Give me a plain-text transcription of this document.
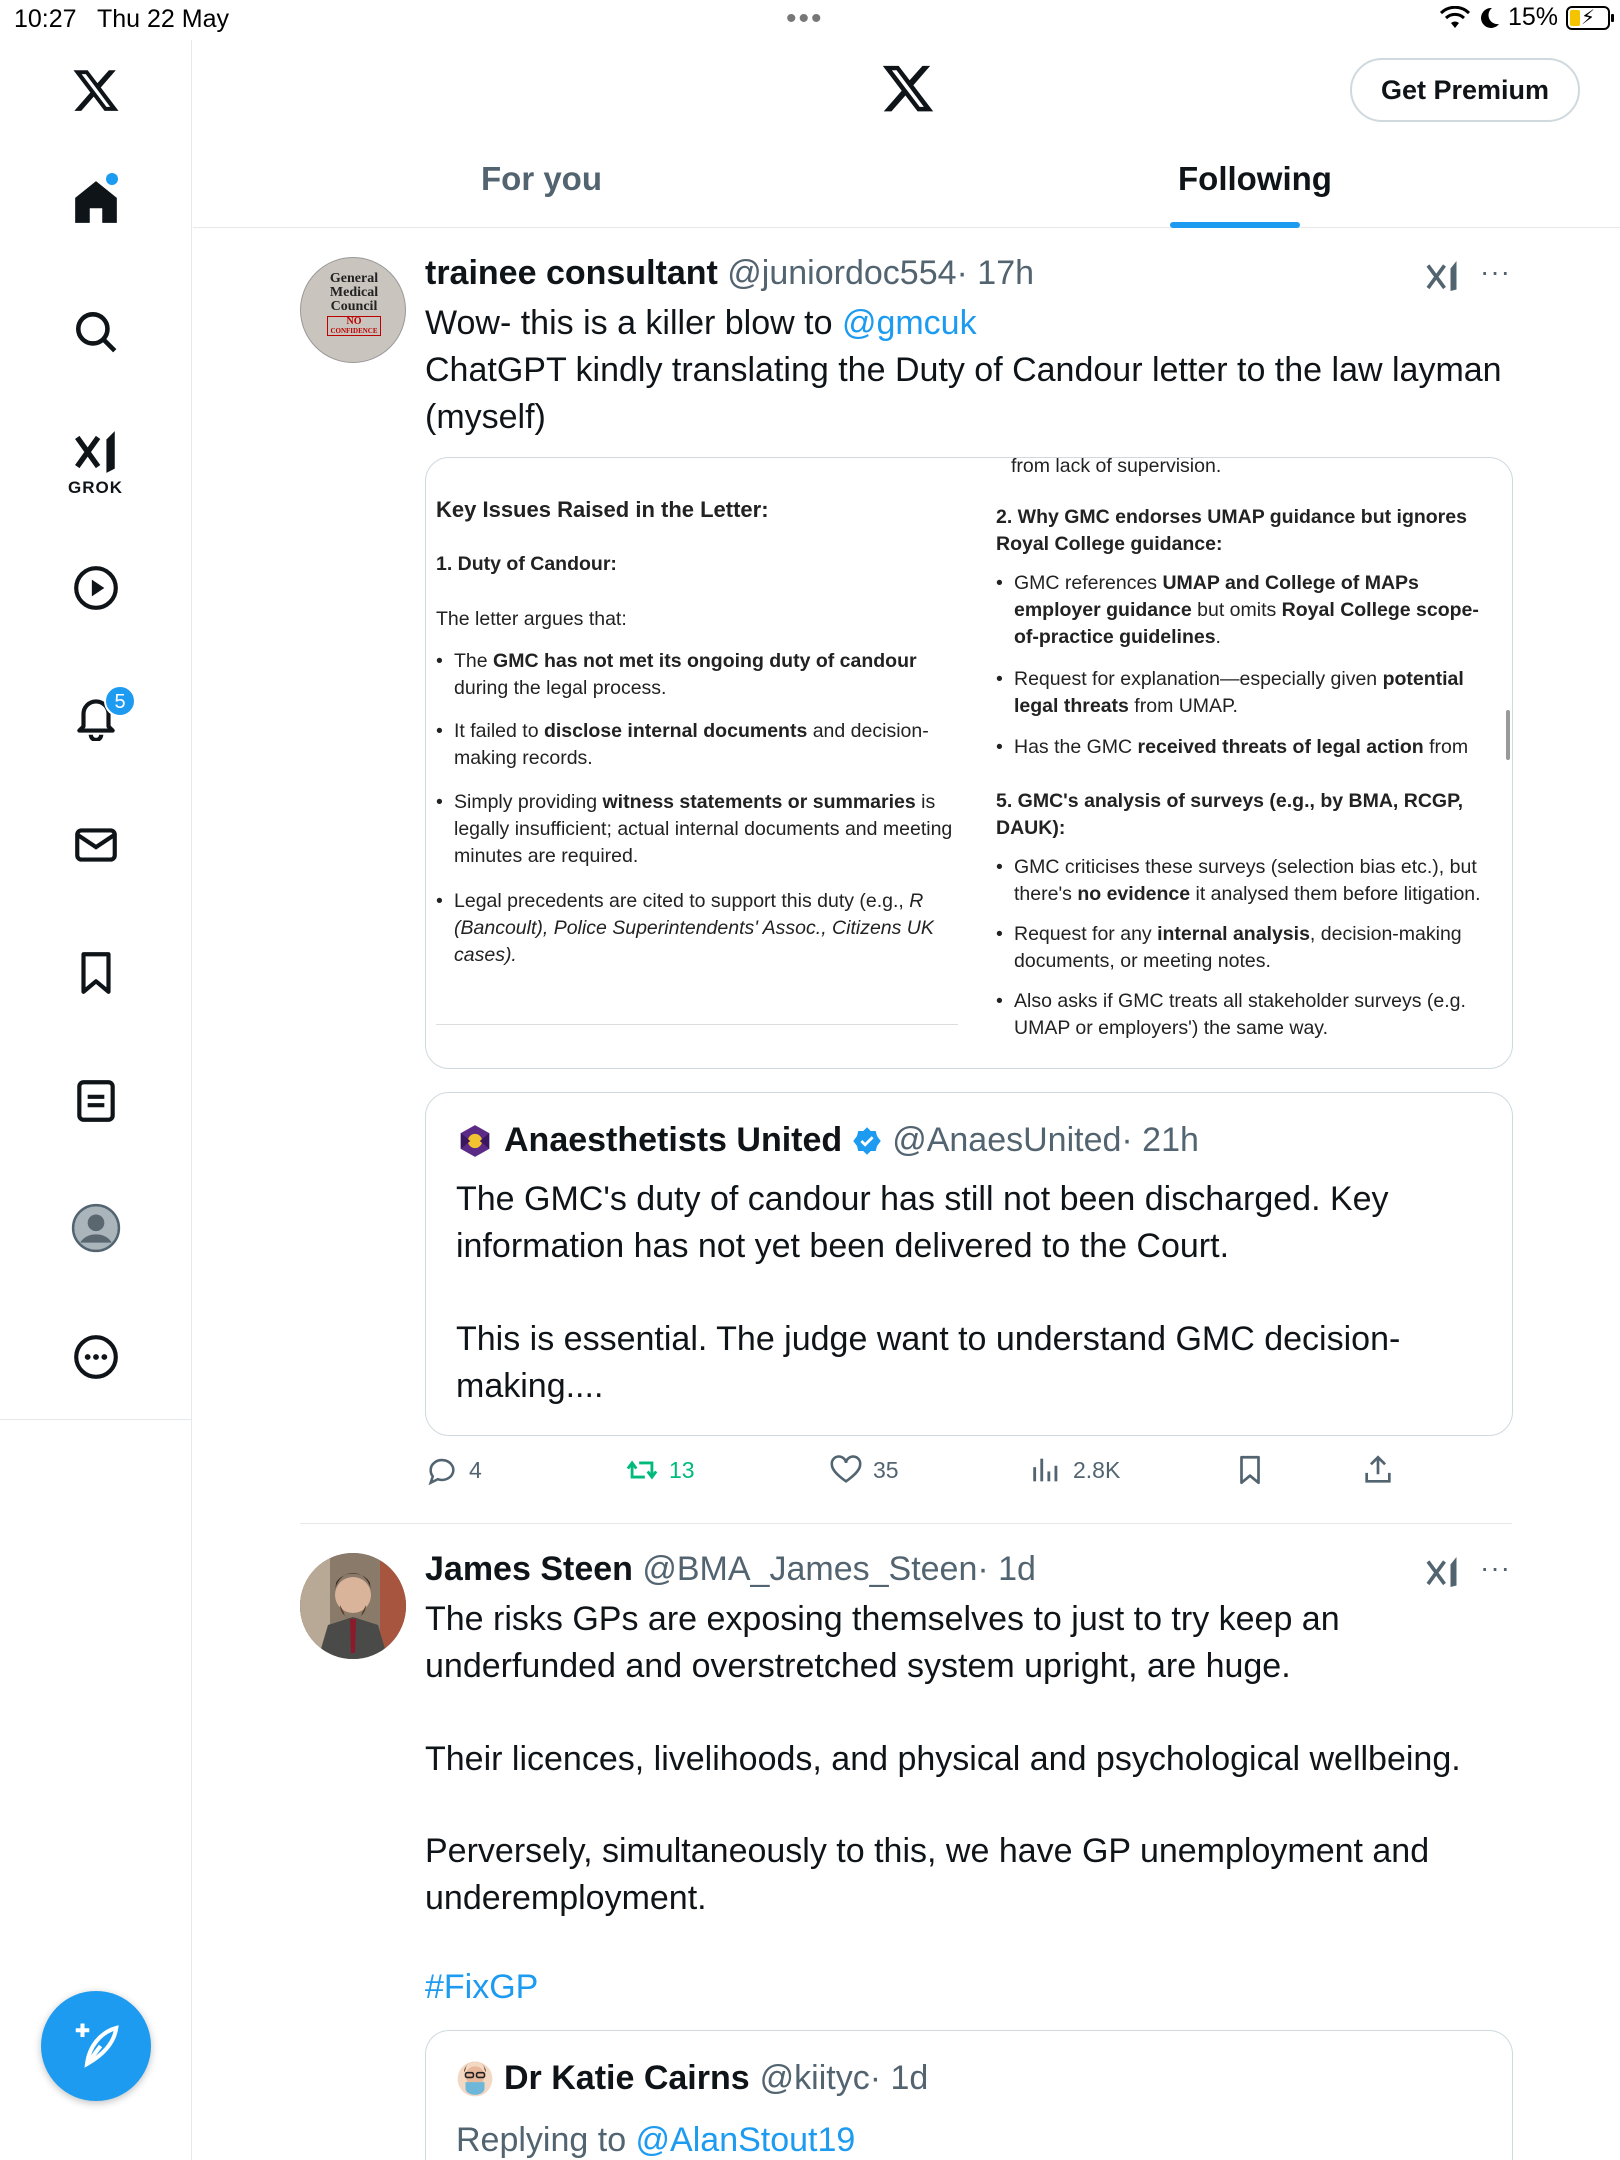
10:27 Thu 22 May	•••	15% ⚡
GROK
5
Get Premium
For you	Following
General
Medical
Council
NO
CONFIDENCE
trainee consultant @juniordoc554· 17h	···
Wow- this is a killer blow to @gmcuk
ChatGPT kindly translating the Duty of Candour letter to the law layman (myself)

Key Issues Raised in the Letter:

1. Duty of Candour:

The letter argues that:

• The GMC has not met its ongoing duty of candour during the legal process.
• It failed to disclose internal documents and decision-making records.
• Simply providing witness statements or summaries is legally insufficient; actual internal documents and meeting minutes are required.
• Legal precedents are cited to support this duty (e.g., R (Bancoult), Police Superintendents' Assoc., Citizens UK cases).

from lack of supervision.

2. Why GMC endorses UMAP guidance but ignores Royal College guidance:

• GMC references UMAP and College of MAPs employer guidance but omits Royal College scope-of-practice guidelines.
• Request for explanation—especially given potential legal threats from UMAP.
• Has the GMC received threats of legal action from

5. GMC's analysis of surveys (e.g., by BMA, RCGP, DAUK):

• GMC criticises these surveys (selection bias etc.), but there's no evidence it analysed them before litigation.
• Request for any internal analysis, decision-making documents, or meeting notes.
• Also asks if GMC treats all stakeholder surveys (e.g. UMAP or employers') the same way.
Anaesthetists United @AnaesUnited · 21h
The GMC's duty of candour has still not been discharged. Key information has not yet been delivered to the Court.
This is essential. The judge want to understand GMC decision-making....
4	13	35	2.8K
James Steen @BMA_James_Steen· 1d	···
The risks GPs are exposing themselves to just to try keep an underfunded and overstretched system upright, are huge.
Their licences, livelihoods, and physical and psychological wellbeing.
Perversely, simultaneously to this, we have GP unemployment and underemployment.
#FixGP
Dr Katie Cairns @kiityc · 1d
Replying to @AlanStout19
